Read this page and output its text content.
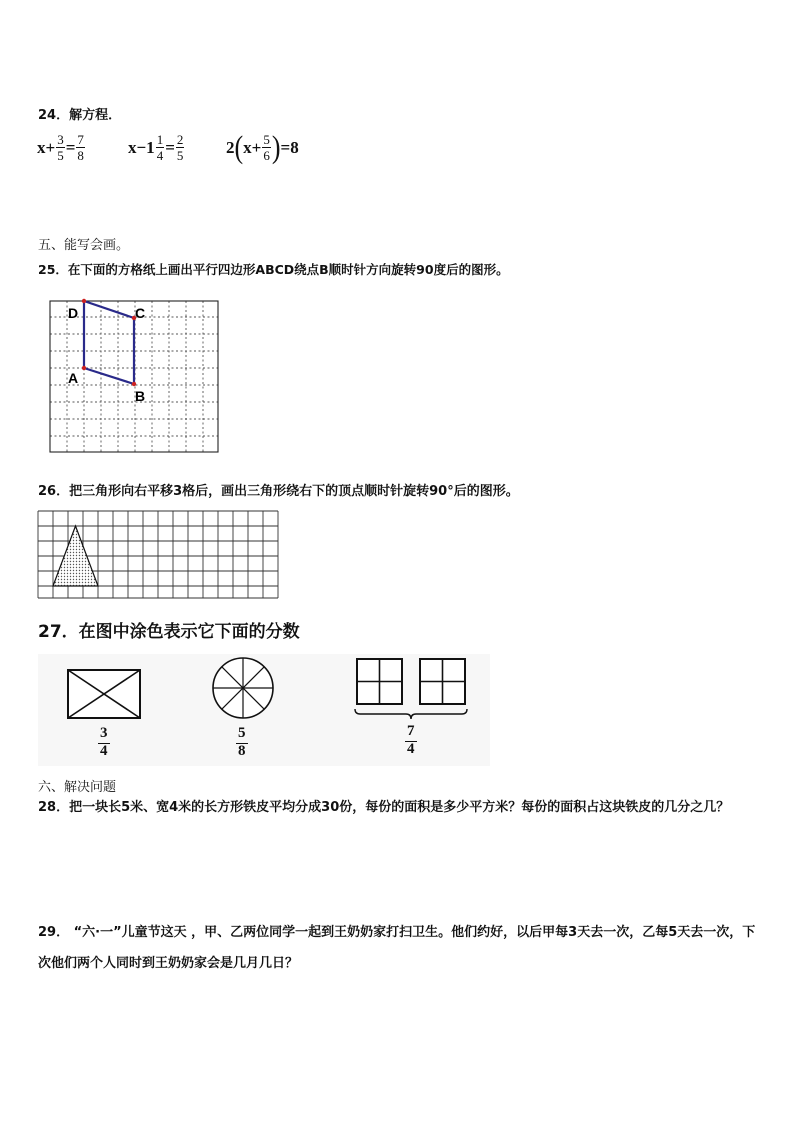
24．解方程．
$x+ \frac{3}{5} = \frac{7}{8}$	$x-1 \frac{1}{4} = \frac{2}{5} 2$ ( $x+ \frac{5}{6}$ ) =8
五、能写会画。
25．在下面的方格纸上画出平行四边形ABCD绕点B顺时针方向旋转90度后的图形。
D	C
A
B
26．把三角形向右平移3格后，画出三角形绕右下的顶点顺时针旋转90°后的图形。
27．在图中涂色表示它下面的分数
$\frac{3}{4}$	$\frac{5}{8}$	$\frac{7}{4}$
六、解决问题
28．把一块长5米、宽4米的长方形铁皮平均分成30份，每份的面积是多少平方米？每份的面积占这块铁皮的几分之几？
29． “六·一”儿童节这天 ，甲、乙两位同学一起到王奶奶家打扫卫生。他们约好，以后甲每3天去一次，乙每5天去一次，下次他们两个人同时到王奶奶家会是几月几日？
